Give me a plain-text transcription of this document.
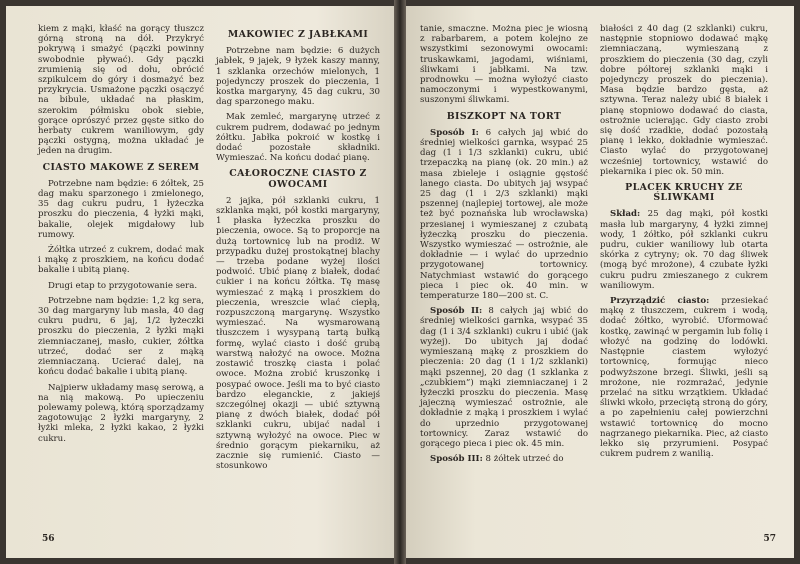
kiem z mąki, kłaść na gorący tłuszcz górną stroną na dół. Przykryć pokrywą i smażyć (pączki powinny swobodnie pływać). Gdy pączki zrumienią się od dołu, obrócić szpikulcem do góry i dosmażyć bez przykrycia. Usmażone pączki osączyć na bibule, układać na płaskim, szerokim półmisku obok siebie, gorące oprószyć przez gęste sitko do herbaty cukrem waniliowym, gdy pączki ostygną, można układać je jeden na drugim.

CIASTO MAKOWE Z SEREM

Potrzebne nam będzie: 6 żółtek, 25 dag maku sparzonego i zmielonego, 35 dag cukru pudru, 1 łyżeczka proszku do pieczenia, 4 łyżki mąki, bakalie, olejek migdałowy lub rumowy.

Żółtka utrzeć z cukrem, dodać mak i mąkę z proszkiem, na końcu dodać bakalie i ubitą pianę.

Drugi etap to przygotowanie sera.

Potrzebne nam będzie: 1,2 kg sera, 30 dag margaryny lub masła, 40 dag cukru pudru, 6 jaj, 1/2 łyżeczki proszku do pieczenia, 2 łyżki mąki ziemniaczanej, masło, cukier, żółtka utrzeć, dodać ser z mąką ziemniaczaną. Ucierać dalej, na końcu dodać bakalie i ubitą pianę.

Najpierw układamy masę serową, a na nią makową. Po upieczeniu polewamy polewą, którą sporządzamy zagotowując 2 łyżki margaryny, 2 łyżki mleka, 2 łyżki kakao, 2 łyżki cukru.

MAKOWIEC Z JABŁKAMI

Potrzebne nam będzie: 6 dużych jabłek, 9 jajek, 9 łyżek kaszy manny, 1 szklanka orzechów mielonych, 1 pojedynczy proszek do pieczenia, 1 kostka margaryny, 45 dag cukru, 30 dag sparzonego maku.

Mak zemleć, margarynę utrzeć z cukrem pudrem, dodawać po jednym żółtku. Jabłka pokroić w kostkę i dodać pozostałe składniki. Wymieszać. Na końcu dodać pianę.

CAŁOROCZNE CIASTO Z OWOCAMI

2 jajka, pół szklanki cukru, 1 szklanka mąki, pół kostki margaryny, 1 płaska łyżeczka proszku do pieczenia, owoce. Są to proporcje na dużą tortownicę lub na prodiż. W przypadku dużej prostokątnej blachy — trzeba podane wyżej ilości podwoić. Ubić pianę z białek, dodać cukier i na końcu żółtka. Tę masę wymieszać z mąką i proszkiem do pieczenia, wreszcie wlać ciepłą, rozpuszczoną margarynę. Wszystko wymieszać. Na wysmarowaną tłuszczem i wysypaną tartą bułką formę, wylać ciasto i dość grubą warstwą nałożyć na owoce. Można zostawić troszkę ciasta i polać owoce. Można zrobić kruszonkę i posypać owoce. Jeśli ma to być ciasto bardzo eleganckie, z jakiejś szczególnej okazji — ubić sztywną pianę z dwóch białek, dodać pół szklanki cukru, ubijać nadal i sztywną wyłożyć na owoce. Piec w średnio gorącym piekarniku, aż zacznie się rumienić. Ciasto — stosunkowo

56

tanie, smaczne. Można piec je wiosną z rabarbarem, a potem kolejno ze wszystkimi sezonowymi owocami: truskawkami, jagodami, wiśniami, śliwkami i jabłkami. Na tzw. prodnowku — można wyłożyć ciasto namoczonymi i wypestkowanymi, suszonymi śliwkami.

BISZKOPT NA TORT

Sposób I: 6 całych jaj wbić do średniej wielkości garnka, wsypać 25 dag (1 i 1/3 szklanki) cukru, ubić trzepaczką na pianę (ok. 20 min.) aż masa zbieleje i osiągnie gęstość lanego ciasta. Do ubitych jaj wsypać 25 dag (1 i 2/3 szklanki) mąki pszennej (najlepiej tortowej, ale może też być poznańska lub wrocławska) przesianej i wymieszanej z czubatą łyżeczką proszku do pieczenia. Wszystko wymieszać — ostrożnie, ale dokładnie — i wylać do uprzednio przygotowanej tortownicy. Natychmiast wstawić do gorącego pieca i piec ok. 40 min. w temperaturze 180—200 st. C.

Sposób II: 8 całych jaj wbić do średniej wielkości garnka, wsypać 35 dag (1 i 3/4 szklanki) cukru i ubić (jak wyżej). Do ubitych jaj dodać wymieszaną mąkę z proszkiem do pieczenia: 20 dag (1 i 1/2 szklanki) mąki pszennej, 20 dag (1 szklanka z „czubkiem”) mąki ziemniaczanej i 2 łyżeczki proszku do pieczenia. Masę jajeczną wymieszać ostrożnie, ale dokładnie z mąką i proszkiem i wylać do uprzednio przygotowanej tortownicy. Zaraz wstawić do gorącego pieca i piec ok. 45 min.

Sposób III: 8 żółtek utrzeć do

białości z 40 dag (2 szklanki) cukru, następnie stopniowo dodawać mąkę ziemniaczaną, wymieszaną z proszkiem do pieczenia (30 dag, czyli dobre półtorej szklanki mąki i pojedynczy proszek do pieczenia). Masa będzie bardzo gęsta, aż sztywna. Teraz należy ubić 8 białek i pianę stopniowo dodawać do ciasta, ostrożnie ucierając. Gdy ciasto zrobi się dość rzadkie, dodać pozostałą pianę i lekko, dokładnie wymieszać. Ciasto wylać do przygotowanej wcześniej tortownicy, wstawić do piekarnika i piec ok. 50 min.

PLACEK KRUCHY ZE ŚLIWKAMI

Skład: 25 dag mąki, pół kostki masła lub margaryny, 4 łyżki zimnej wody, 1 żółtko, pół szklanki cukru pudru, cukier waniliowy lub otarta skórka z cytryny; ok. 70 dag śliwek (mogą być mrożone), 4 czubate łyżki cukru pudru zmieszanego z cukrem waniliowym.

Przyrządzić ciasto: przesiekać mąkę z tłuszczem, cukrem i wodą, dodać żółtko, wyrobić. Uformować kostkę, zawinąć w pergamin lub folię i włożyć na godzinę do lodówki. Następnie ciastem wyłożyć tortownicę, formując nieco podwyższone brzegi. Śliwki, jeśli są mrożone, nie rozmrażać, jedynie przelać na sitku wrzątkiem. Układać śliwki wkoło, przeciętą stroną do góry, a po zapełnieniu całej powierzchni wstawić tortownicę do mocno nagrzanego piekarnika. Piec, aż ciasto lekko się przyrumieni. Posypać cukrem pudrem z wanilią.

57
